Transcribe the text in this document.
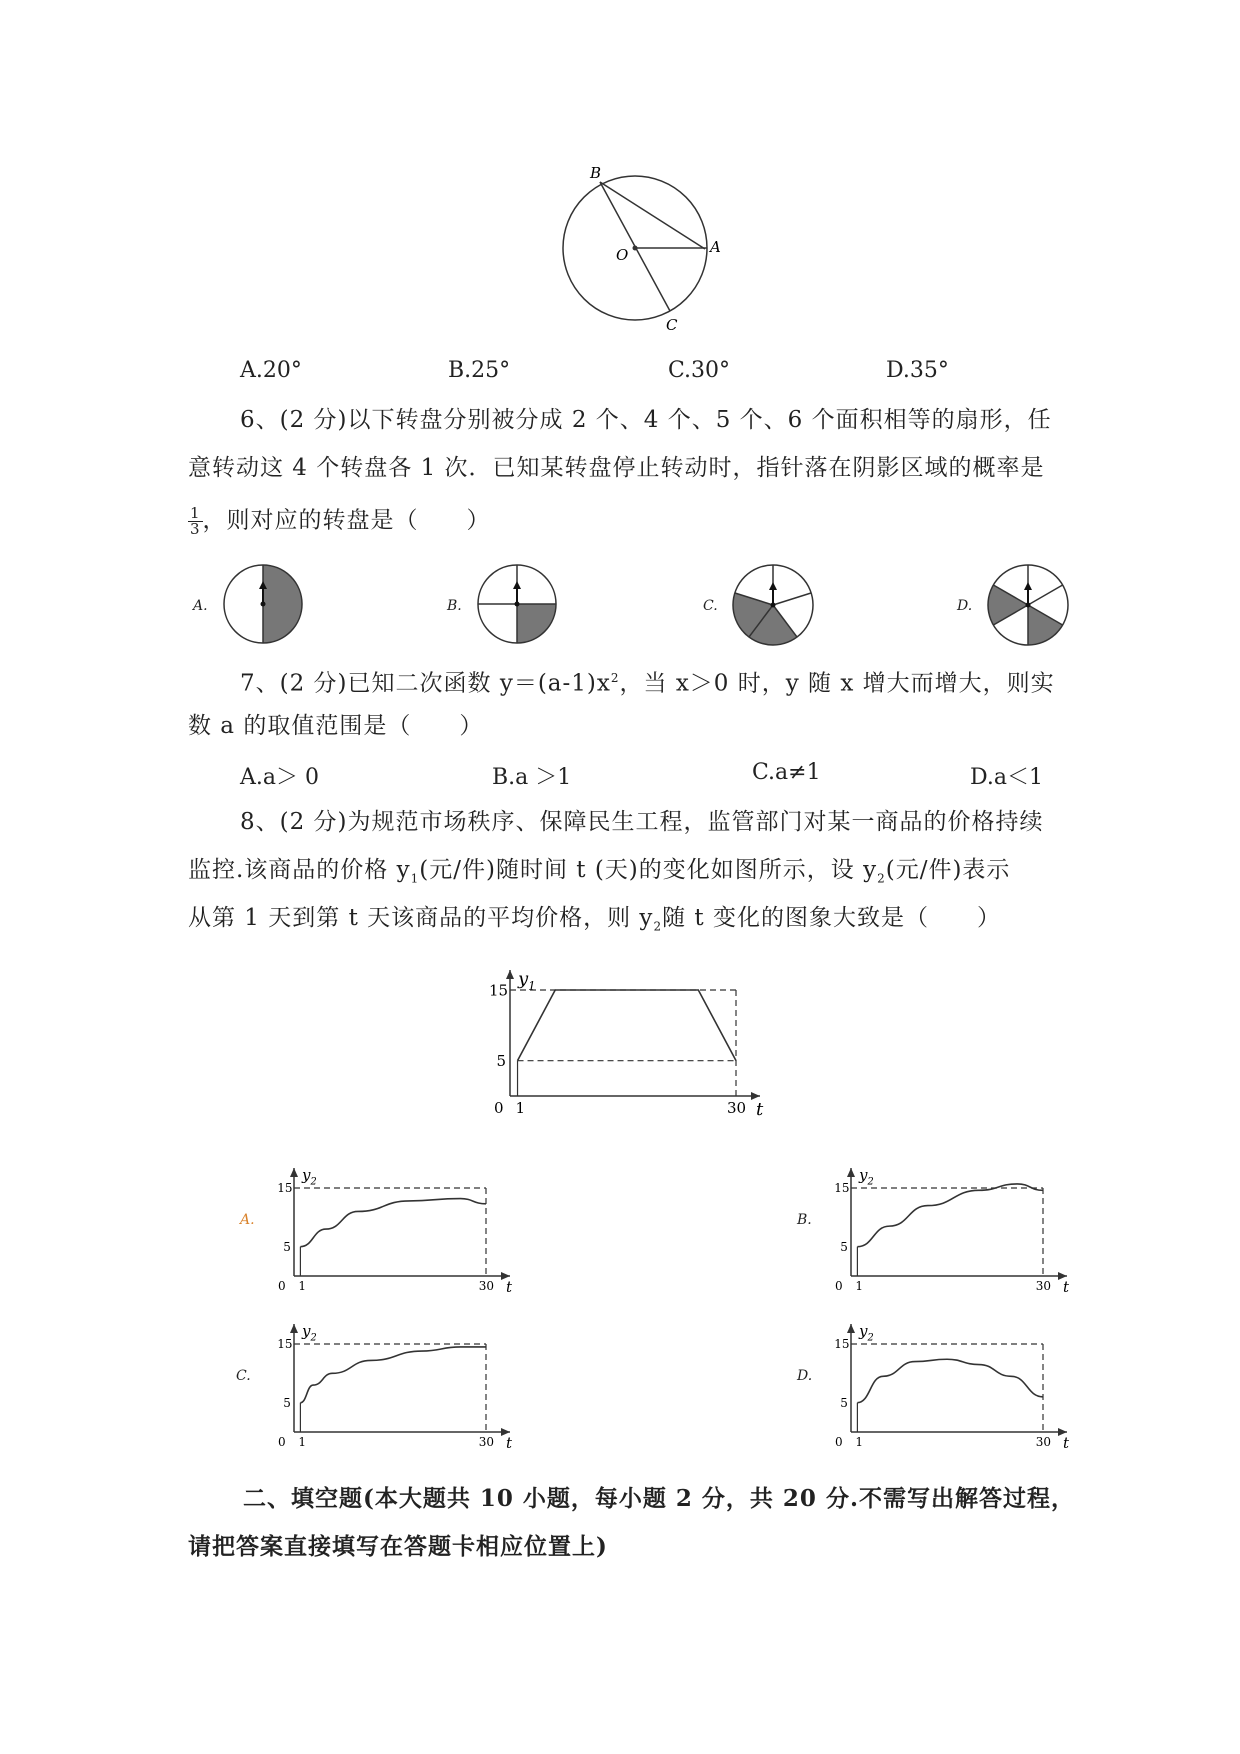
B
A
O
C
A.20°	B.25°	C.30°	D.35°
6、(2 分)以下转盘分别被分成 2 个、4 个、5 个、6 个面积相等的扇形，任
意转动这 4 个转盘各 1 次．已知某转盘停止转动时，指针落在阴影区域的概率是
$\frac{1}{3}$ ，则对应的转盘是（　　）
A.	B.	C.	D.
7、(2 分)已知二次函数 $y=(a-1)x^2$，当 x＞0 时，y 随 x 增大而增大，则实
数 a 的取值范围是（　　）
A.a＞ 0	B.a ＞1	C.a≠1	D.a＜1
8、(2 分)为规范市场秩序、保障民生工程，监管部门对某一商品的价格持续
监控.该商品的价格 $y_1$(元/件)随时间 t (天)的变化如图所示，设 $y_2$(元/件)表示
从第 1 天到第 t 天该商品的平均价格，则 $y_2$随 t 变化的图象大致是（　　）
0 1	30
5
15
t
$y_1$
A.
0 1	30
5
15
t
$y_2$
B.
0 1	30
5
15
t
$y_2$
C.
0 1	30
5
15
t
$y_2$
D.
0 1	30
5
15
t
$y_2$
二、填空题(本大题共 10 小题，每小题 2 分，共 20 分.不需写出解答过程，
请把答案直接填写在答题卡相应位置上)
